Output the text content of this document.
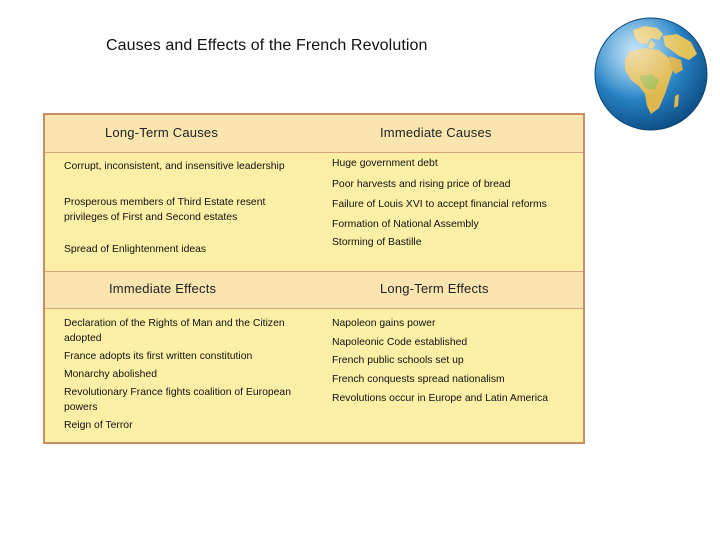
Causes and Effects of the French Revolution
Long-Term Causes	Immediate Causes
Immediate Effects	Long-Term Effects
Corrupt, inconsistent, and insensitive leadership
Prosperous members of Third Estate resent privileges of First and Second estates
Spread of Enlightenment ideas
Huge government debt
Poor harvests and rising price of bread
Failure of Louis XVI to accept financial reforms
Formation of National Assembly
Storming of Bastille
Declaration of the Rights of Man and the Citizen adopted
France adopts its first written constitution
Monarchy abolished
Revolutionary France fights coalition of European powers
Reign of Terror
Napoleon gains power
Napoleonic Code established
French public schools set up
French conquests spread nationalism
Revolutions occur in Europe and Latin America
